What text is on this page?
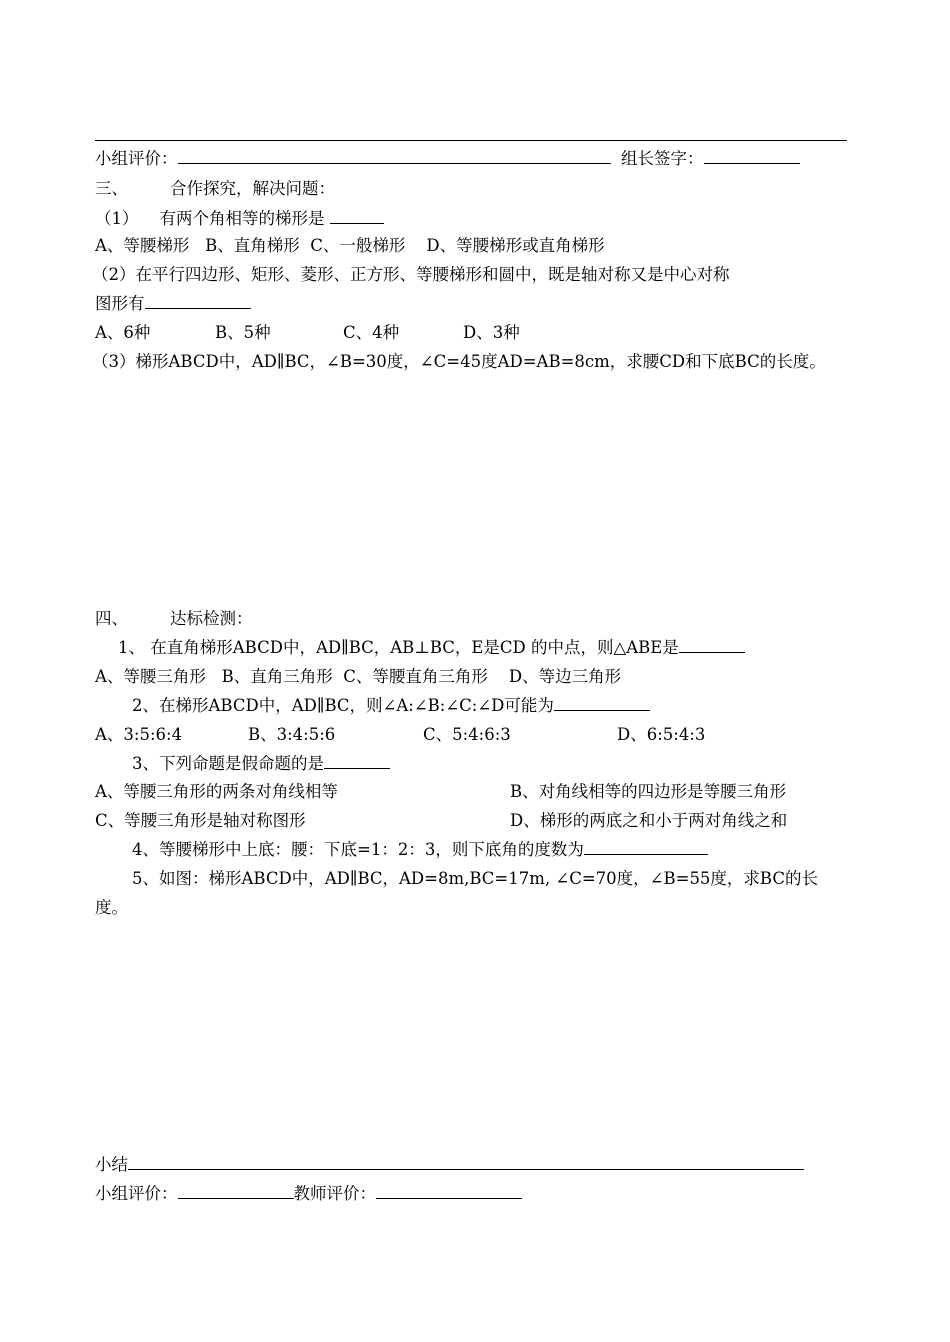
小组评价：	组长签字：
三、	合作探究，解决问题：
（1） 有两个角相等的梯形是
A、等腰梯形   B、直角梯形  C、一般梯形    D、等腰梯形或直角梯形
（2）在平行四边形、矩形、菱形、正方形、等腰梯形和圆中，既是轴对称又是中心对称
图形有
A、6种	B、5种	C、4种	D、3种
（3）梯形ABCD中，AD∥BC，∠B=30度，∠C=45度AD=AB=8cm，求腰CD和下底BC的长度。
四、	达标检测：
1、 在直角梯形ABCD中，AD∥BC，AB⊥BC，E是CD 的中点，则△ABE是
A、等腰三角形   B、直角三角形  C、等腰直角三角形    D、等边三角形
2、在梯形ABCD中，AD∥BC，则∠A:∠B:∠C:∠D可能为
A、3:5:6:4	B、3:4:5:6	C、5:4:6:3	D、6:5:4:3
3、下列命题是假命题的是
A、等腰三角形的两条对角线相等	B、对角线相等的四边形是等腰三角形
C、等腰三角形是轴对称图形	D、梯形的两底之和小于两对角线之和
4、等腰梯形中上底：腰：下底=1：2：3，则下底角的度数为
5、如图：梯形ABCD中，AD∥BC，AD=8m,BC=17m, ∠C=70度，∠B=55度，求BC的长
度。
小结
小组评价：	教师评价：
